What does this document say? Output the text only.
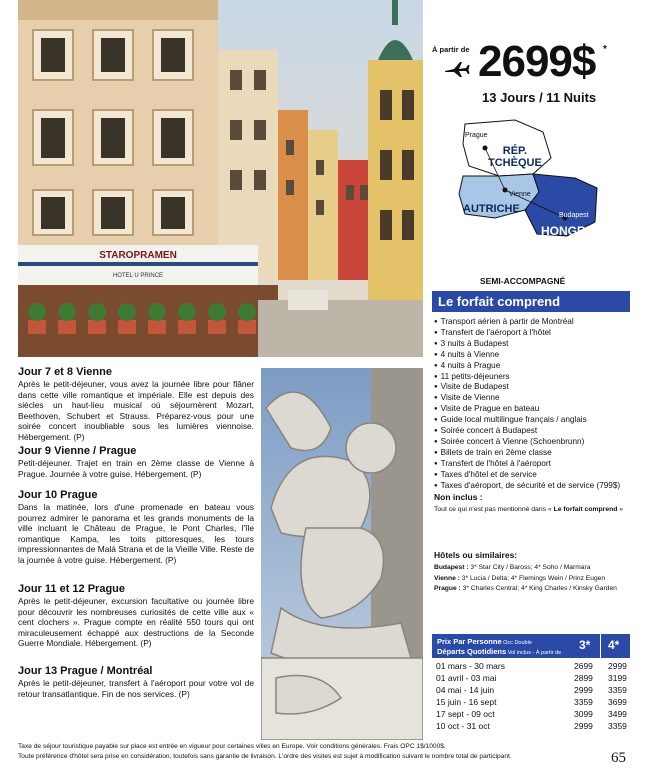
STAROPRAMEN
HOTEL U PRINCE
À partir de 2699$ *
13 Jours / 11 Nuits
Prague
RÉP.
TCHÈQUE
Vienne
AUTRICHE
Budapest
HONGRIE
SEMI-ACCOMPAGNÉ
Le forfait comprend
● Transport aérien à partir de Montréal
● Transfert de l'aéroport à l'hôtel
● 3 nuits à Budapest
● 4 nuits à Vienne
● 4 nuits à Prague
● 11 petits-déjeuners
● Visite de Budapest
● Visite de Vienne
● Visite de Prague en bateau
● Guide local multilingue français / anglais
● Soirée concert à Budapest
● Soirée concert à Vienne (Schoenbrunn)
● Billets de train en 2ème classe
● Transfert de l'hôtel à l'aéroport
● Taxes d'hôtel et de service
● Taxes d'aéroport, de sécurité et de service (799$)
Non inclus :
Tout ce qui n'est pas mentionné dans « Le forfait comprend »
Hôtels ou similaires:
Budapest : 3* Star City / Baross; 4* Soho / Marmara
Vienne : 3* Lucia / Delta; 4* Flemings Wein / Prinz Eugen
Prague : 3* Charles Central; 4* King Charles / Kinsky Garden
Prix Par Personne Occ Double
Départs Quotidiens Vol inclus - À partir de
3* 4*
01 mars - 30 mars	2699 2999
01 avril - 03 mai	2899 3199
04 mai - 14 juin	2999 3359
15 juin - 16 sept	3359 3699
17 sept - 09 oct	3099 3499
10 oct - 31 oct	2999 3359
Jour 7 et 8 Vienne

Après le petit-déjeuner, vous avez la journée libre pour flâner dans cette ville romantique et impériale. Elle est depuis des siècles un haut-lieu musical où séjournèrent Mozart, Beethoven, Schubert et Strauss. Préparez-vous pour une soirée concert inoubliable sous les lumières viennoise. Hébergement. (P)

Jour 9 Vienne / Prague

Petit-déjeuner. Trajet en train en 2ème classe de Vienne à Prague. Journée à votre guise. Hébergement. (P)

Jour 10 Prague

Dans la matinée, lors d'une promenade en bateau vous pourrez admirer le panorama et les grands monuments de la ville incluant le Château de Prague, le Pont Charles, l'île romantique Kampa, les toits pittoresques, les tours impressionnantes de Malá Strana et de la Vieille Ville. Reste de la journée à votre guise. Hébergement. (P)

Jour 11 et 12 Prague

Après le petit-déjeuner, excursion facultative ou journée libre pour découvrir les nombreuses curiosités de cette ville aux « cent clochers ». Prague compte en réalité 550 tours qui ont miraculeusement échappé aux destructions de la Seconde Guerre Mondiale. Hébergement. (P)

Jour 13 Prague / Montréal

Après le petit-déjeuner, transfert à l'aéroport pour votre vol de retour transatlantique. Fin de nos services. (P)

Taxe de séjour touristique payable sur place est entrée en vigueur pour certaines villes en Europe. Voir conditions générales. Frais OPC 1$/1000$.
Toute préférence d'hôtel sera prise en considération, toutefois sans garantie de livraison. L'ordre des visites est sujet à modification suivant le nombre total de participant.	65
